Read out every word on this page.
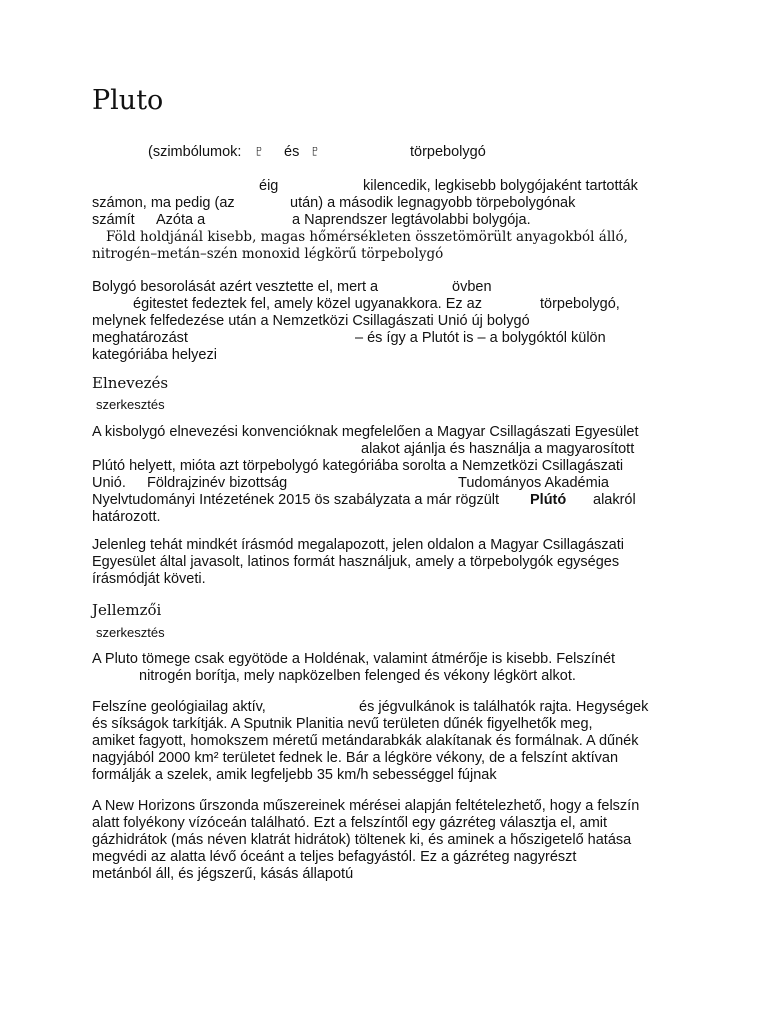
Pluto
(szimbólumok: ♇ és ♇	törpebolygó
éig	kilencedik, legkisebb bolygójaként tartották
számon, ma pedig (az	után) a második legnagyobb törpebolygónak
számít Azóta a	a Naprendszer legtávolabbi bolygója.
Föld holdjánál kisebb, magas hőmérsékleten összetömörült anyagokból álló,
nitrogén–metán–szén monoxid légkörű törpebolygó
Bolygó besorolását azért vesztette el, mert a	övben
égitestet fedeztek fel, amely közel ugyanakkora. Ez az	törpebolygó,
melynek felfedezése után a Nemzetközi Csillagászati Unió új bolygó
meghatározást	– és így a Plutót is – a bolygóktól külön
kategóriába helyezi
Elnevezés
szerkesztés
A kisbolygó elnevezési konvencióknak megfelelően a Magyar Csillagászati Egyesület
alakot ajánlja és használja a magyarosított
Plútó helyett, mióta azt törpebolygó kategóriába sorolta a Nemzetközi Csillagászati
Unió. Földrajzinév bizottság	Tudományos Akadémia
Nyelvtudományi Intézetének 2015 ös szabályzata a már rögzült Plútó alakról
határozott.
Jelenleg tehát mindkét írásmód megalapozott, jelen oldalon a Magyar Csillagászati
Egyesület által javasolt, latinos formát használjuk, amely a törpebolygók egységes
írásmódját követi.
Jellemzői
szerkesztés
A Pluto tömege csak egyötöde a Holdénak, valamint átmérője is kisebb. Felszínét
nitrogén borítja, mely napközelben felenged és vékony légkört alkot.
Felszíne geológiailag aktív,	és jégvulkánok is találhatók rajta. Hegységek
és síkságok tarkítják. A Sputnik Planitia nevű területen dűnék figyelhetők meg,
amiket fagyott, homokszem méretű metándarabkák alakítanak és formálnak. A dűnék
nagyjából 2000 km² területet fednek le. Bár a légköre vékony, de a felszínt aktívan
formálják a szelek, amik legfeljebb 35 km/h sebességgel fújnak
A New Horizons űrszonda műszereinek mérései alapján feltételezhető, hogy a felszín
alatt folyékony vízóceán található. Ezt a felszíntől egy gázréteg választja el, amit
gázhidrátok (más néven klatrát hidrátok) töltenek ki, és aminek a hőszigetelő hatása
megvédi az alatta lévő óceánt a teljes befagyástól. Ez a gázréteg nagyrészt
metánból áll, és jégszerű, kásás állapotú
